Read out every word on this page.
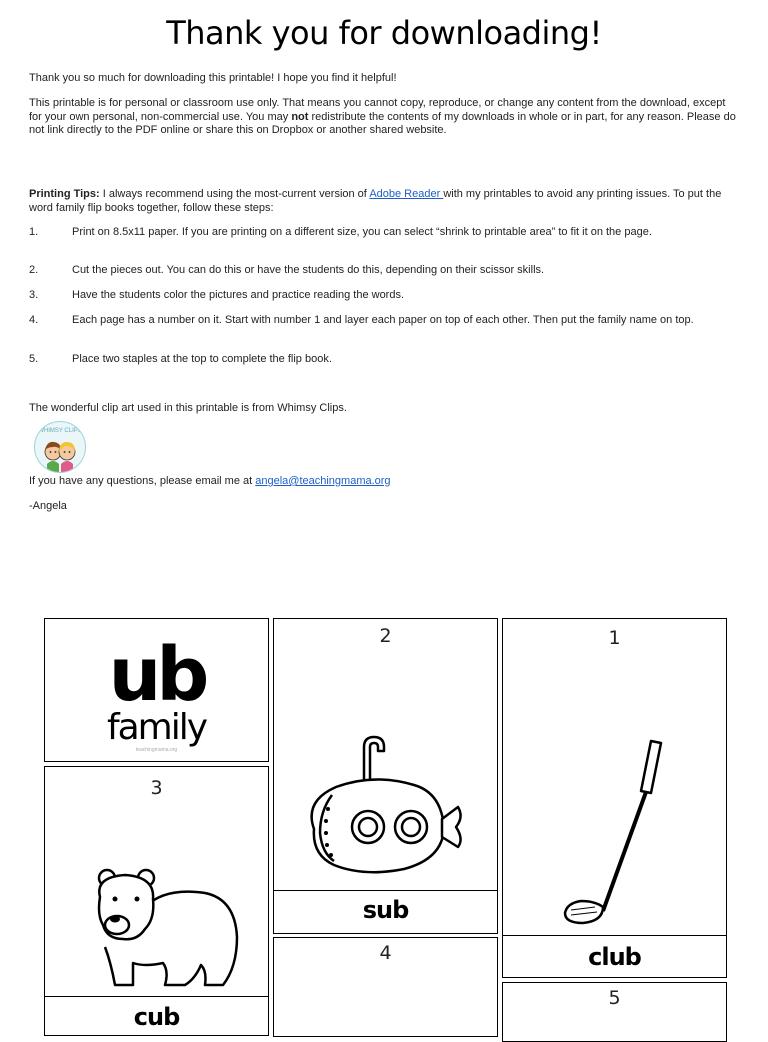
Thank you for downloading!
Thank you so much for downloading this printable! I hope you find it helpful!
This printable is for personal or classroom use only. That means you cannot copy, reproduce, or change any content from the download, except for your own personal, non-commercial use. You may not redistribute the contents of my downloads in whole or in part, for any reason. Please do not link directly to the PDF online or share this on Dropbox or another shared website.
Printing Tips: I always recommend using the most-current version of Adobe Reader with my printables to avoid any printing issues. To put the word family flip books together, follow these steps:
1.	Print on 8.5x11 paper. If you are printing on a different size, you can select “shrink to printable area” to fit it on the page.
2.	Cut the pieces out. You can do this or have the students do this, depending on their scissor skills.
3.	Have the students color the pictures and practice reading the words.
4.	Each page has a number on it. Start with number 1 and layer each paper on top of each other. Then put the family name on top.
5.	Place two staples at the top to complete the flip book.
The wonderful clip art used in this printable is from Whimsy Clips.
WHIMSY CLIPS
If you have any questions, please email me at angela@teachingmama.org
-Angela
ub
family
teachingmama.org
3
cub
2
sub
4
1
club
5
